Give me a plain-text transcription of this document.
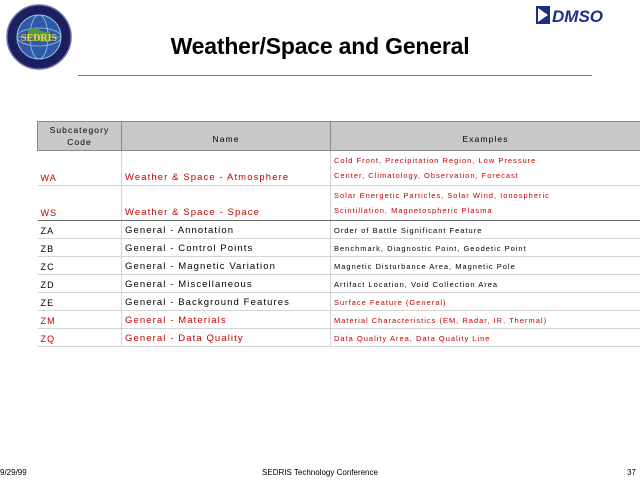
SEDRIS
DMSO
Weather/Space and General
Subcategory Code	Name	Examples
WA	Weather & Space - Atmosphere	Cold Front, Precipitation Region, Low Pressure
Center, Climatology, Observation, Forecast

WS	Weather & Space - Space	Solar Energetic Particles, Solar Wind, Ionospheric
Scintillation, Magnetospheric Plasma

ZA	General - Annotation	Order of Battle Significant Feature
ZB	General - Control Points	Benchmark, Diagnostic Point, Geodetic Point
ZC	General - Magnetic Variation	Magnetic Disturbance Area, Magnetic Pole
ZD	General - Miscellaneous	Artifact Location, Void Collection Area
ZE	General - Background Features	Surface Feature (General)
ZM	General - Materials	Material Characteristics (EM, Radar, IR, Thermal)
ZQ	General - Data Quality	Data Quality Area, Data Quality Line
SEDRIS Technology Conference
9/29/99	37
